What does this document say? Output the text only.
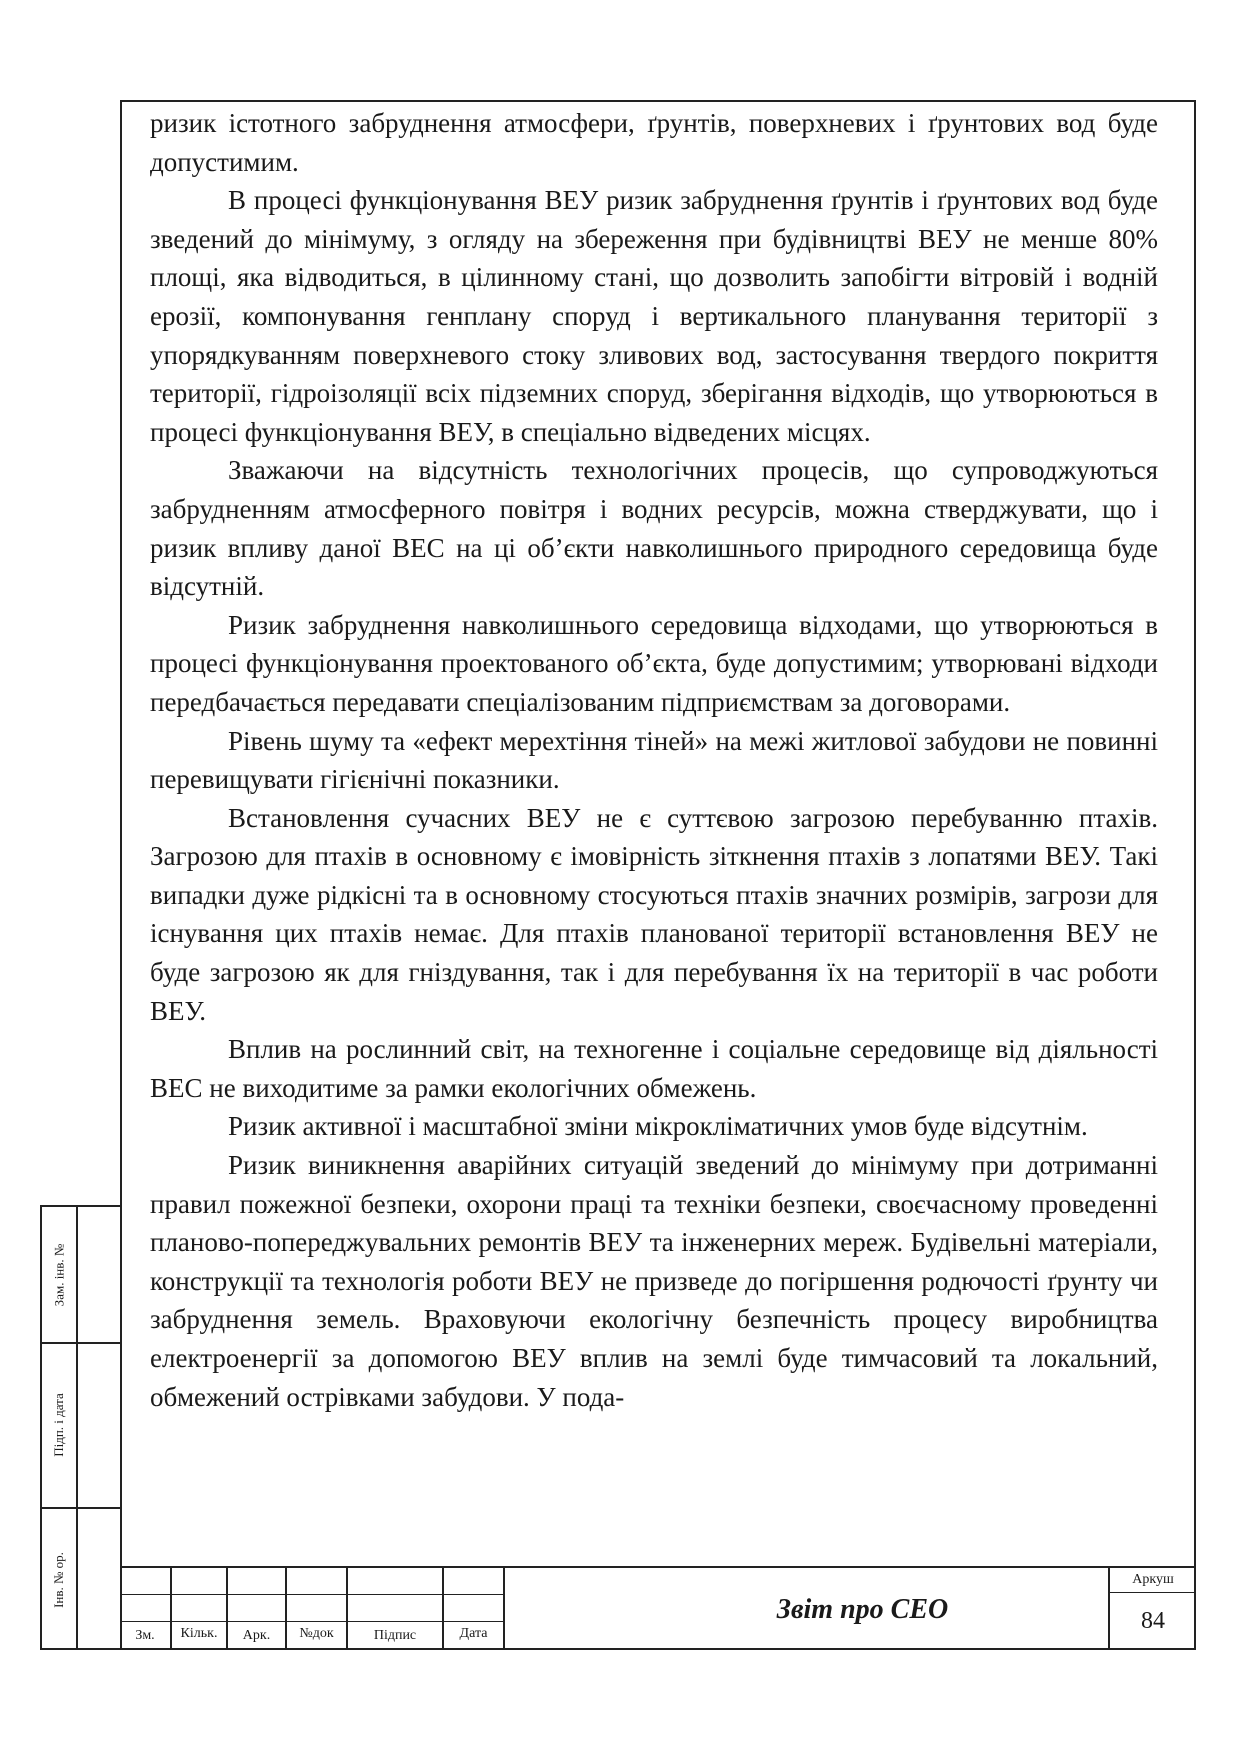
ризик істотного забруднення атмосфери, ґрунтів, поверхневих і ґрунтових вод буде допустимим.

В процесі функціонування ВЕУ ризик забруднення ґрунтів і ґрунтових вод буде зведений до мінімуму, з огляду на збереження при будівництві ВЕУ не менше 80% площі, яка відводиться, в цілинному стані, що дозволить запобігти вітровій і водній ерозії, компонування генплану споруд і вертикального планування території з упорядкуванням поверхневого стоку зливових вод, застосування твердого покриття території, гідроізоляції всіх підземних споруд, зберігання відходів, що утворюються в процесі функціонування ВЕУ, в спеціально відведених місцях.

Зважаючи на відсутність технологічних процесів, що супроводжуються забрудненням атмосферного повітря і водних ресурсів, можна стверджувати, що і ризик впливу даної ВЕС на ці об’єкти навколишнього природного середовища буде відсутній.

Ризик забруднення навколишнього середовища відходами, що утворюються в процесі функціонування проектованого об’єкта, буде допустимим; утворювані відходи передбачається передавати спеціалізованим підприємствам за договорами.

Рівень шуму та «ефект мерехтіння тіней» на межі житлової забудови не повинні перевищувати гігієнічні показники.

Встановлення сучасних ВЕУ не є суттєвою загрозою перебуванню птахів. Загрозою для птахів в основному є імовірність зіткнення птахів з лопатями ВЕУ. Такі випадки дуже рідкісні та в основному стосуються птахів значних розмірів, загрози для існування цих птахів немає. Для птахів планованої території встановлення ВЕУ не буде загрозою як для гніздування, так і для перебування їх на території в час роботи ВЕУ.

Вплив на рослинний світ, на техногенне і соціальне середовище від діяльності ВЕС не виходитиме за рамки екологічних обмежень.

Ризик активної і масштабної зміни мікрокліматичних умов буде відсутнім.

Ризик виникнення аварійних ситуацій зведений до мінімуму при дотриманні правил пожежної безпеки, охорони праці та техніки безпеки, своєчасному проведенні планово-попереджувальних ремонтів ВЕУ та інженерних мереж. Будівельні матеріали, конструкції та технологія роботи ВЕУ не призведе до погіршення родючості ґрунту чи забруднення земель. Враховуючи екологічну безпечність процесу виробництва електроенергії за допомогою ВЕУ вплив на землі буде тимчасовий та локальний, обмежений острівками забудови. У пода-

Зам. інв. №
Підп. і дата
Інв. № ор.
Зм.	Кільк.	Арк.	№док	Підпис	Дата
Звіт про СЕО
Аркуш
84
